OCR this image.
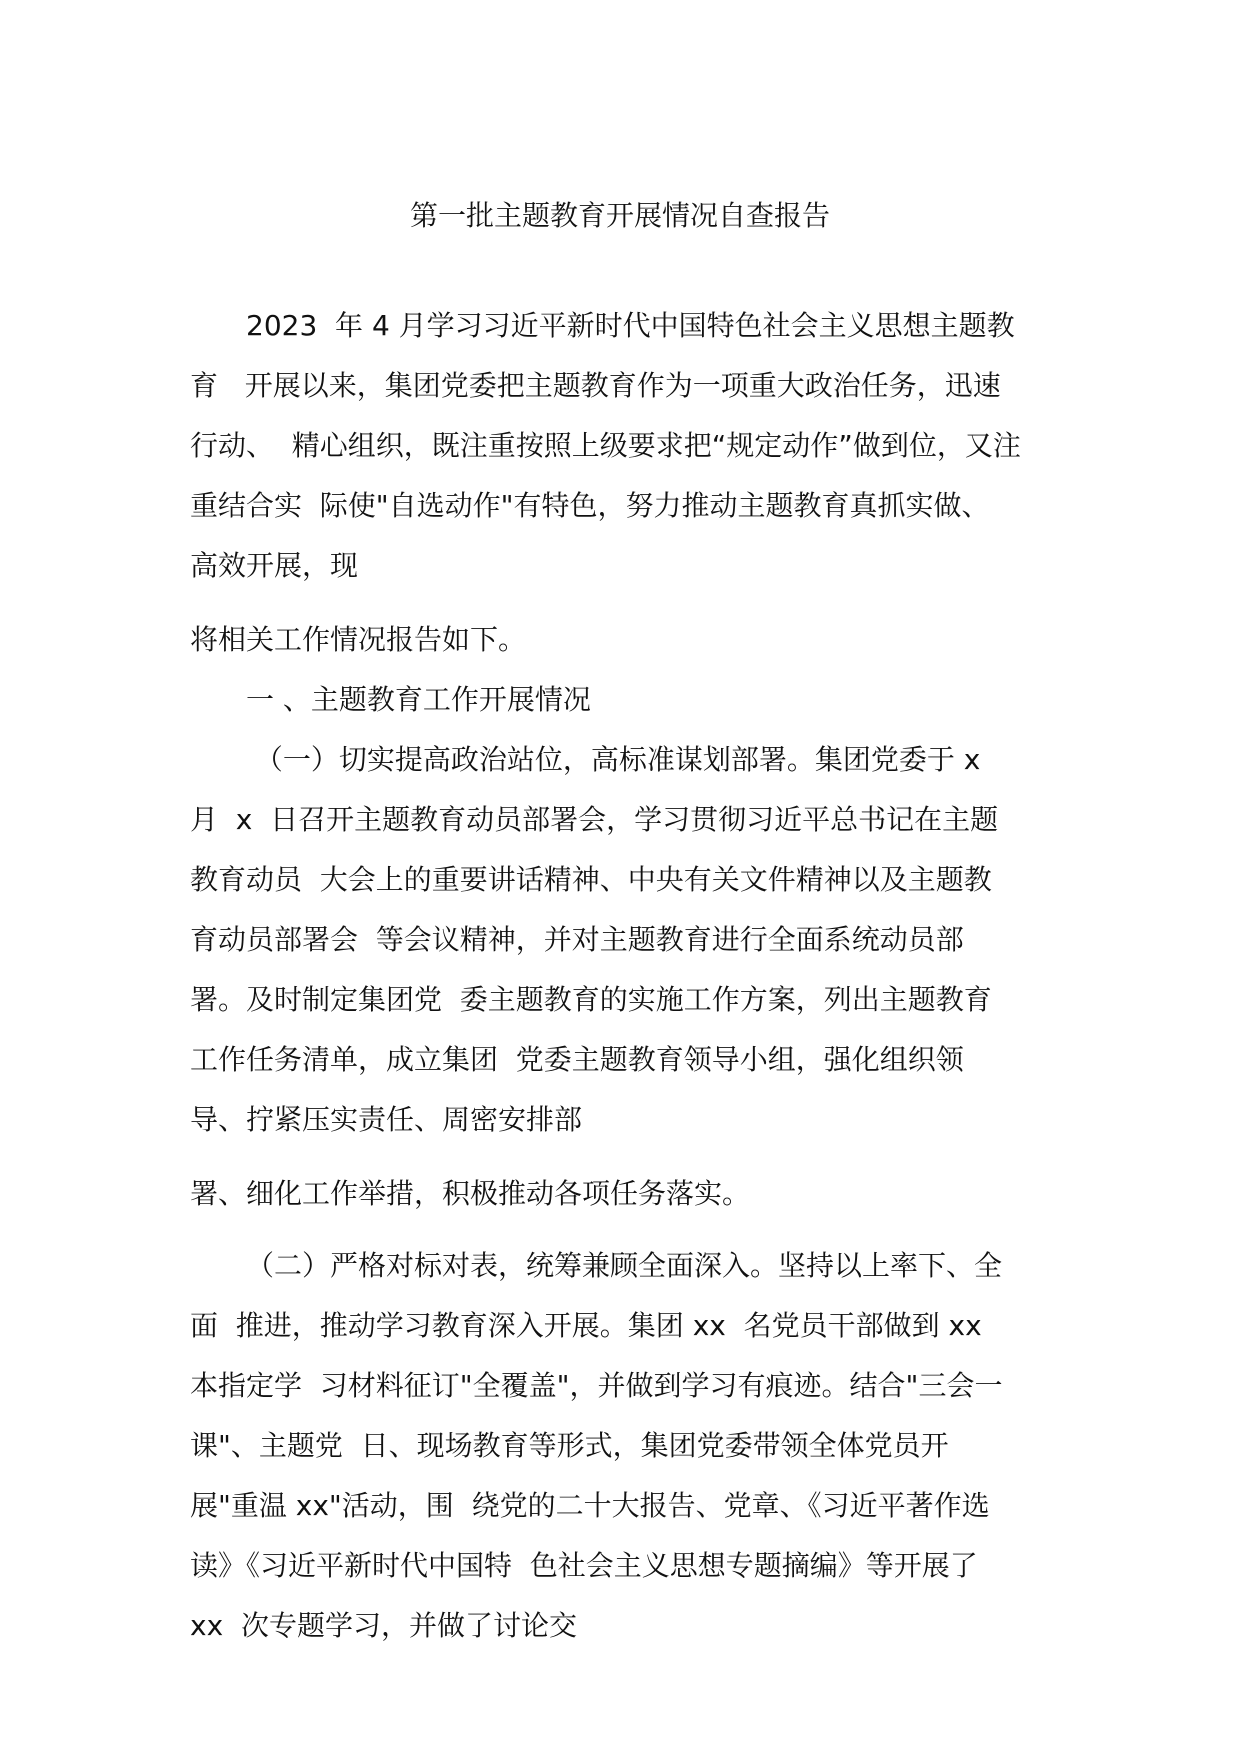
第一批主题教育开展情况自查报告
2023  年 4 月学习习近平新时代中国特色社会主义思想主题教
育   开展以来，集团党委把主题教育作为一项重大政治任务，迅速
行动、  精心组织，既注重按照上级要求把“规定动作”做到位，又注
重结合实  际使"自选动作"有特色，努力推动主题教育真抓实做、
高效开展，现
将相关工作情况报告如下。
一 、主题教育工作开展情况
（一）切实提高政治站位，高标准谋划部署。集团党委于 x
月  x  日召开主题教育动员部署会，学习贯彻习近平总书记在主题
教育动员  大会上的重要讲话精神、中央有关文件精神以及主题教
育动员部署会  等会议精神，并对主题教育进行全面系统动员部
署。及时制定集团党  委主题教育的实施工作方案，列出主题教育
工作任务清单，成立集团  党委主题教育领导小组，强化组织领
导、拧紧压实责任、周密安排部
署、细化工作举措，积极推动各项任务落实。
（二）严格对标对表，统筹兼顾全面深入。坚持以上率下、全
面  推进，推动学习教育深入开展。集团 xx  名党员干部做到 xx
本指定学  习材料征订"全覆盖"，并做到学习有痕迹。结合"三会一
课"、主题党  日、现场教育等形式，集团党委带领全体党员开
展"重温 xx"活动，围  绕党的二十大报告、党章、《习近平著作选
读》《习近平新时代中国特  色社会主义思想专题摘编》等开展了
xx  次专题学习，并做了讨论交
